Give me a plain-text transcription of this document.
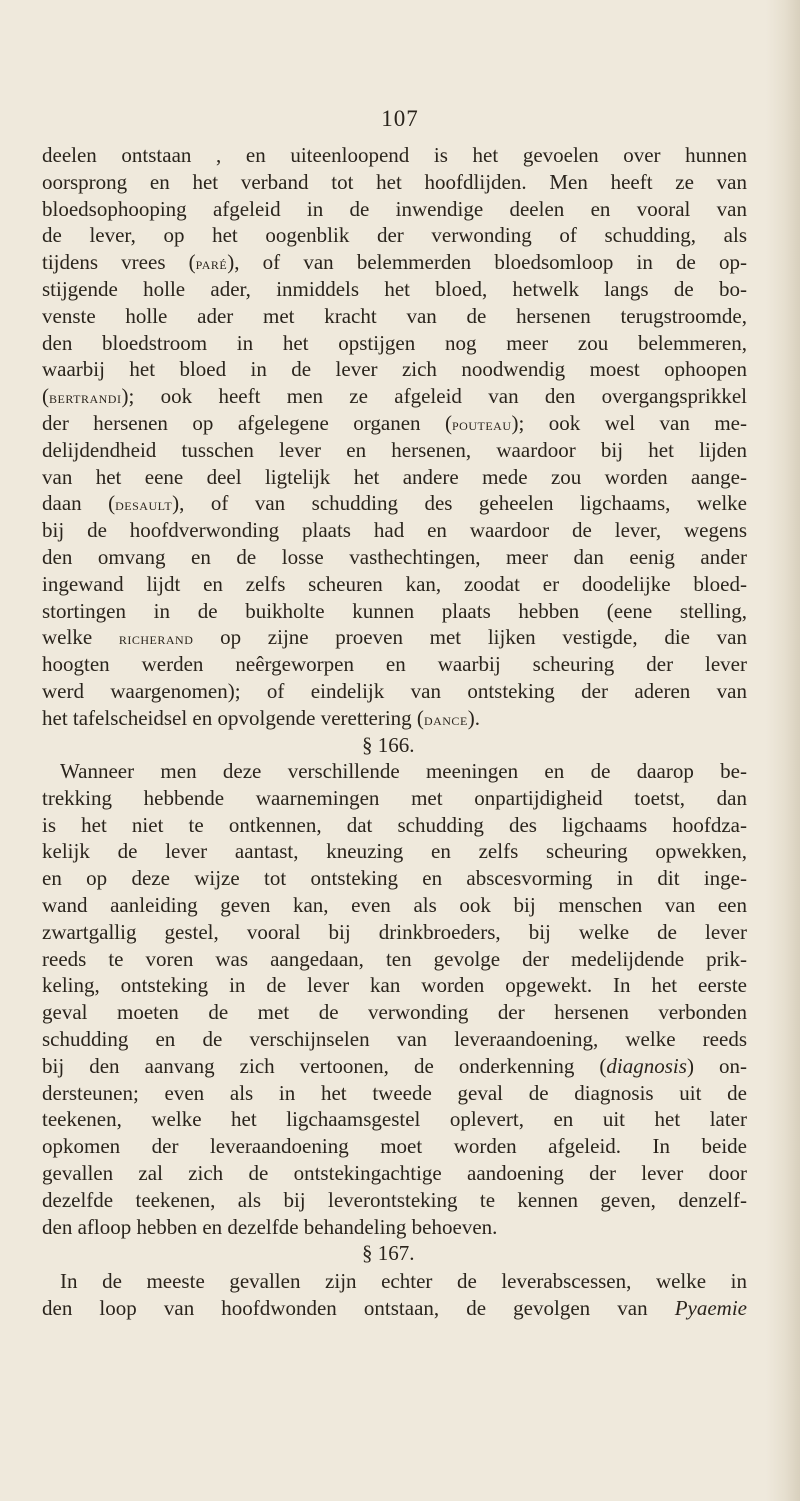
107
deelen ontstaan , en uiteenloopend is het gevoelen over hunnen
oorsprong en het verband tot het hoofdlijden. Men heeft ze van
bloedsophooping afgeleid in de inwendige deelen en vooral van
de lever, op het oogenblik der verwonding of schudding, als
tijdens vrees (paré), of van belemmerden bloedsomloop in de op-
stijgende holle ader, inmiddels het bloed, hetwelk langs de bo-
venste holle ader met kracht van de hersenen terugstroomde,
den bloedstroom in het opstijgen nog meer zou belemmeren,
waarbij het bloed in de lever zich noodwendig moest ophoopen
(bertrandi); ook heeft men ze afgeleid van den overgangsprikkel
der hersenen op afgelegene organen (pouteau); ook wel van me-
delijdendheid tusschen lever en hersenen, waardoor bij het lijden
van het eene deel ligtelijk het andere mede zou worden aange-
daan (desault), of van schudding des geheelen ligchaams, welke
bij de hoofdverwonding plaats had en waardoor de lever, wegens
den omvang en de losse vasthechtingen, meer dan eenig ander
ingewand lijdt en zelfs scheuren kan, zoodat er doodelijke bloed-
stortingen in de buikholte kunnen plaats hebben (eene stelling,
welke richerand op zijne proeven met lijken vestigde, die van
hoogten werden neêrgeworpen en waarbij scheuring der lever
werd waargenomen); of eindelijk van ontsteking der aderen van
het tafelscheidsel en opvolgende verettering (dance).
§ 166.
Wanneer men deze verschillende meeningen en de daarop be-
trekking hebbende waarnemingen met onpartijdigheid toetst, dan
is het niet te ontkennen, dat schudding des ligchaams hoofdza-
kelijk de lever aantast, kneuzing en zelfs scheuring opwekken,
en op deze wijze tot ontsteking en abscesvorming in dit inge-
wand aanleiding geven kan, even als ook bij menschen van een
zwartgallig gestel, vooral bij drinkbroeders, bij welke de lever
reeds te voren was aangedaan, ten gevolge der medelijdende prik-
keling, ontsteking in de lever kan worden opgewekt. In het eerste
geval moeten de met de verwonding der hersenen verbonden
schudding en de verschijnselen van leveraandoening, welke reeds
bij den aanvang zich vertoonen, de onderkenning (diagnosis) on-
dersteunen; even als in het tweede geval de diagnosis uit de
teekenen, welke het ligchaamsgestel oplevert, en uit het later
opkomen der leveraandoening moet worden afgeleid. In beide
gevallen zal zich de ontstekingachtige aandoening der lever door
dezelfde teekenen, als bij leverontsteking te kennen geven, denzelf-
den afloop hebben en dezelfde behandeling behoeven.
§ 167.
In de meeste gevallen zijn echter de leverabscessen, welke in
den loop van hoofdwonden ontstaan, de gevolgen van Pyaemie
